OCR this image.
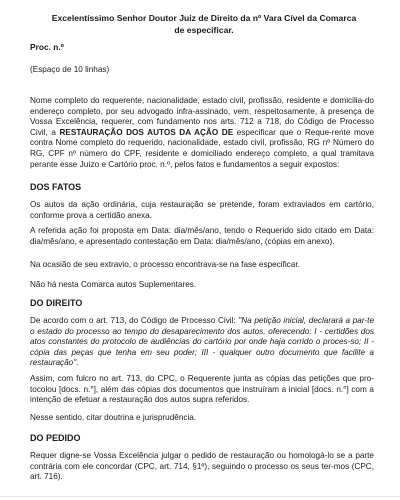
Excelentíssimo Senhor Doutor Juiz de Direito da nº Vara Cível da Comarca
de especificar.
Proc. n.º
(Espaço de 10 linhas)
Nome completo do requerente, nacionalidade, estado civil, profissão, residente e domicilia-do endereço completo, por seu advogado infra-assinado, vem, respeitosamente, à presença de Vossa Excelência, requerer, com fundamento nos arts. 712 a 718, do Código de Processo Civil, a RESTAURAÇÃO DOS AUTOS DA AÇÃO DE especificar que o Reque-rente move contra Nome completo do requerido, nacionalidade, estado civil, profissão, RG nº Número do RG, CPF nº número do CPF, residente e domiciliado endereço completo, a qual tramitava perante esse Juízo e Cartório proc. n.º, pelos fatos e fundamentos a seguir expostos:
DOS FATOS
Os autos da ação ordinária, cuja restauração se pretende, foram extraviados em cartório, conforme prova a certidão anexa.
A referida ação foi proposta em Data: dia/mês/ano, tendo o Requerido sido citado em Data: dia/mês/ano, e apresentado contestação em Data: dia/mês/ano, (cópias em anexo).
Na ocasião de seu extravio, o processo encontrava-se na fase especificar.
Não há nesta Comarca autos Suplementares.
DO DIREITO
De acordo com o art. 713, do Código de Processo Civil: "Na petição inicial, declarará a par-te o estado do processo ao tempo do desaparecimento dos autos, oferecendo: I - certidões dos atos constantes do protocolo de audiências do cartório por onde haja corrido o proces-so; II - cópia das peças que tenha em seu poder; III - qualquer outro documento que facilite a restauração".
Assim, com fulcro no art. 713, do CPC, o Requerente junta as cópias das petições que pro-tocolou [docs. n.°], além das cópias dos documentos que instruíram a inicial [docs. n.°] com a intenção de efetuar a restauração dos autos supra referidos.
Nesse sentido, citar doutrina e jurisprudência.
DO PEDIDO
Requer digne-se Vossa Excelência julgar o pedido de restauração ou homologá-lo se a parte contrária com ele concordar (CPC, art. 714, §1º), seguindo o processo os seus ter-mos (CPC, art. 716).
